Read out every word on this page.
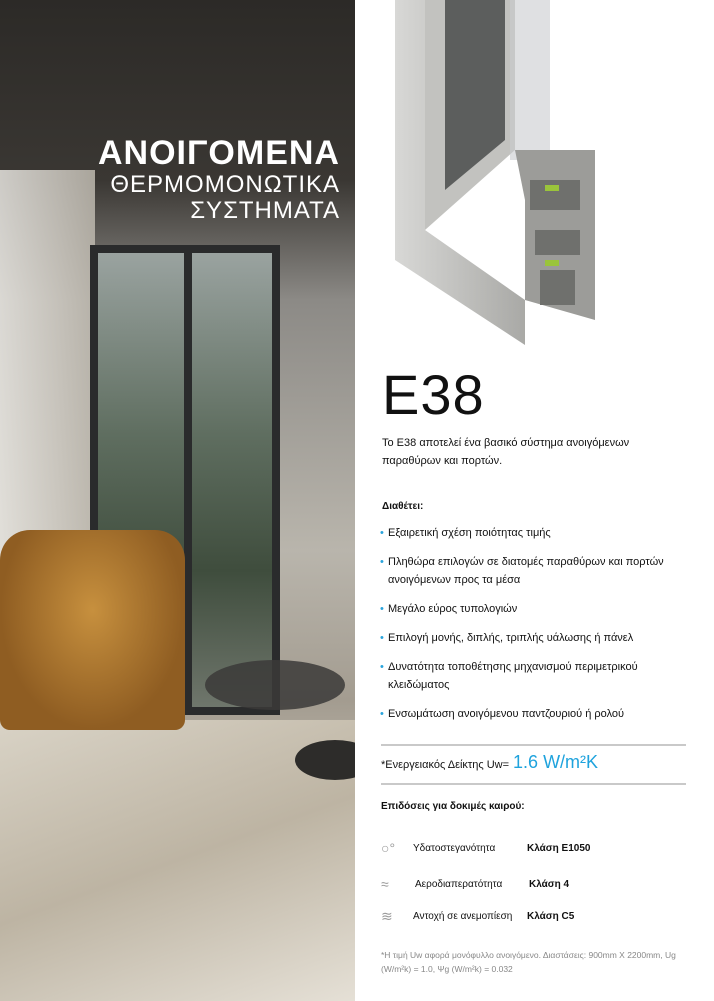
ΑΝΟΙΓΟΜΕΝΑ
ΘΕΡΜΟΜΟΝΩΤΙΚΑ
ΣΥΣΤΗΜΑΤΑ
E38
Το E38 αποτελεί ένα βασικό σύστημα ανοιγόμενων παραθύρων και πορτών.
Διαθέτει:
• Εξαιρετική σχέση ποιότητας τιμής
• Πληθώρα επιλογών σε διατομές παραθύρων και πορτών ανοιγόμενων προς τα μέσα
• Μεγάλο εύρος τυπολογιών
• Επιλογή μονής, διπλής, τριπλής υάλωσης ή πάνελ
• Δυνατότητα τοποθέτησης μηχανισμού περιμετρικού κλειδώματος
• Ενσωμάτωση ανοιγόμενου παντζουριού ή ρολού
*Ενεργειακός Δείκτης Uw= 1.6 W/m²K
Επιδόσεις για δοκιμές καιρού:
○°	Υδατοστεγανότητα	Κλάση E1050
≈	Αεροδιαπερατότητα	Κλάση 4
≋	Αντοχή σε ανεμοπίεση	Κλάση C5
*Η τιμή Uw αφορά μονόφυλλο ανοιγόμενο. Διαστάσεις: 900mm X 2200mm, Ug (W/m²k) = 1.0, Ψg (W/m²k) = 0.032
